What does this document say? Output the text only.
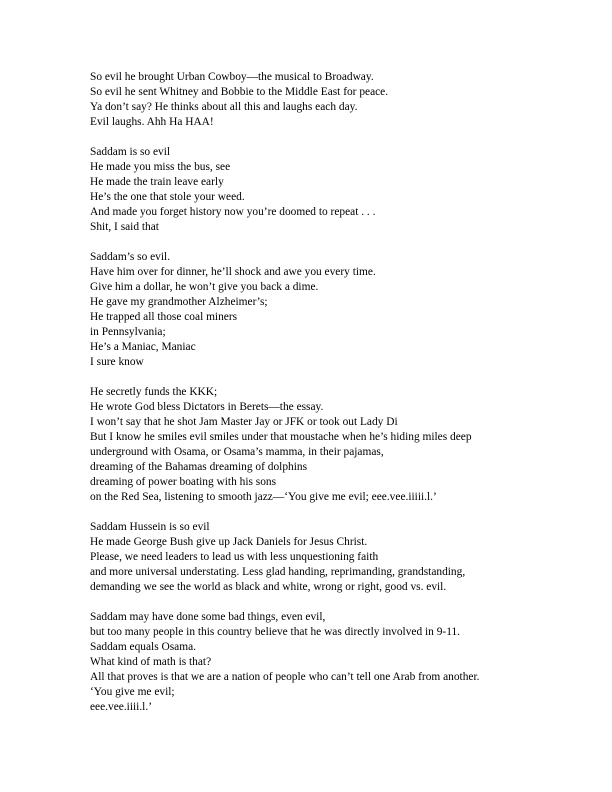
So evil he brought Urban Cowboy—the musical to Broadway.
So evil he sent Whitney and Bobbie to the Middle East for peace.
Ya don’t say? He thinks about all this and laughs each day.
Evil laughs. Ahh Ha HAA!
Saddam is so evil
He made you miss the bus, see
He made the train leave early
He’s the one that stole your weed.
And made you forget history now you’re doomed to repeat . . .
Shit, I said that
Saddam’s so evil.
Have him over for dinner, he’ll shock and awe you every time.
Give him a dollar, he won’t give you back a dime.
He gave my grandmother Alzheimer’s;
He trapped all those coal miners
in Pennsylvania;
He’s a Maniac, Maniac
I sure know
He secretly funds the KKK;
He wrote God bless Dictators in Berets—the essay.
I won’t say that he shot Jam Master Jay or JFK or took out Lady Di
But I know he smiles evil smiles under that moustache when he’s hiding miles deep
underground with Osama, or Osama’s mamma, in their pajamas,
dreaming of the Bahamas dreaming of dolphins
dreaming of power boating with his sons
on the Red Sea, listening to smooth jazz—‘You give me evil; eee.vee.iiiii.l.’
Saddam Hussein is so evil
He made George Bush give up Jack Daniels for Jesus Christ.
Please, we need leaders to lead us with less unquestioning faith
and more universal understating. Less glad handing, reprimanding, grandstanding,
demanding we see the world as black and white, wrong or right, good vs. evil.
Saddam may have done some bad things, even evil,
but too many people in this country believe that he was directly involved in 9-11.
Saddam equals Osama.
What kind of math is that?
All that proves is that we are a nation of people who can’t tell one Arab from another.
‘You give me evil;
eee.vee.iiii.l.’
